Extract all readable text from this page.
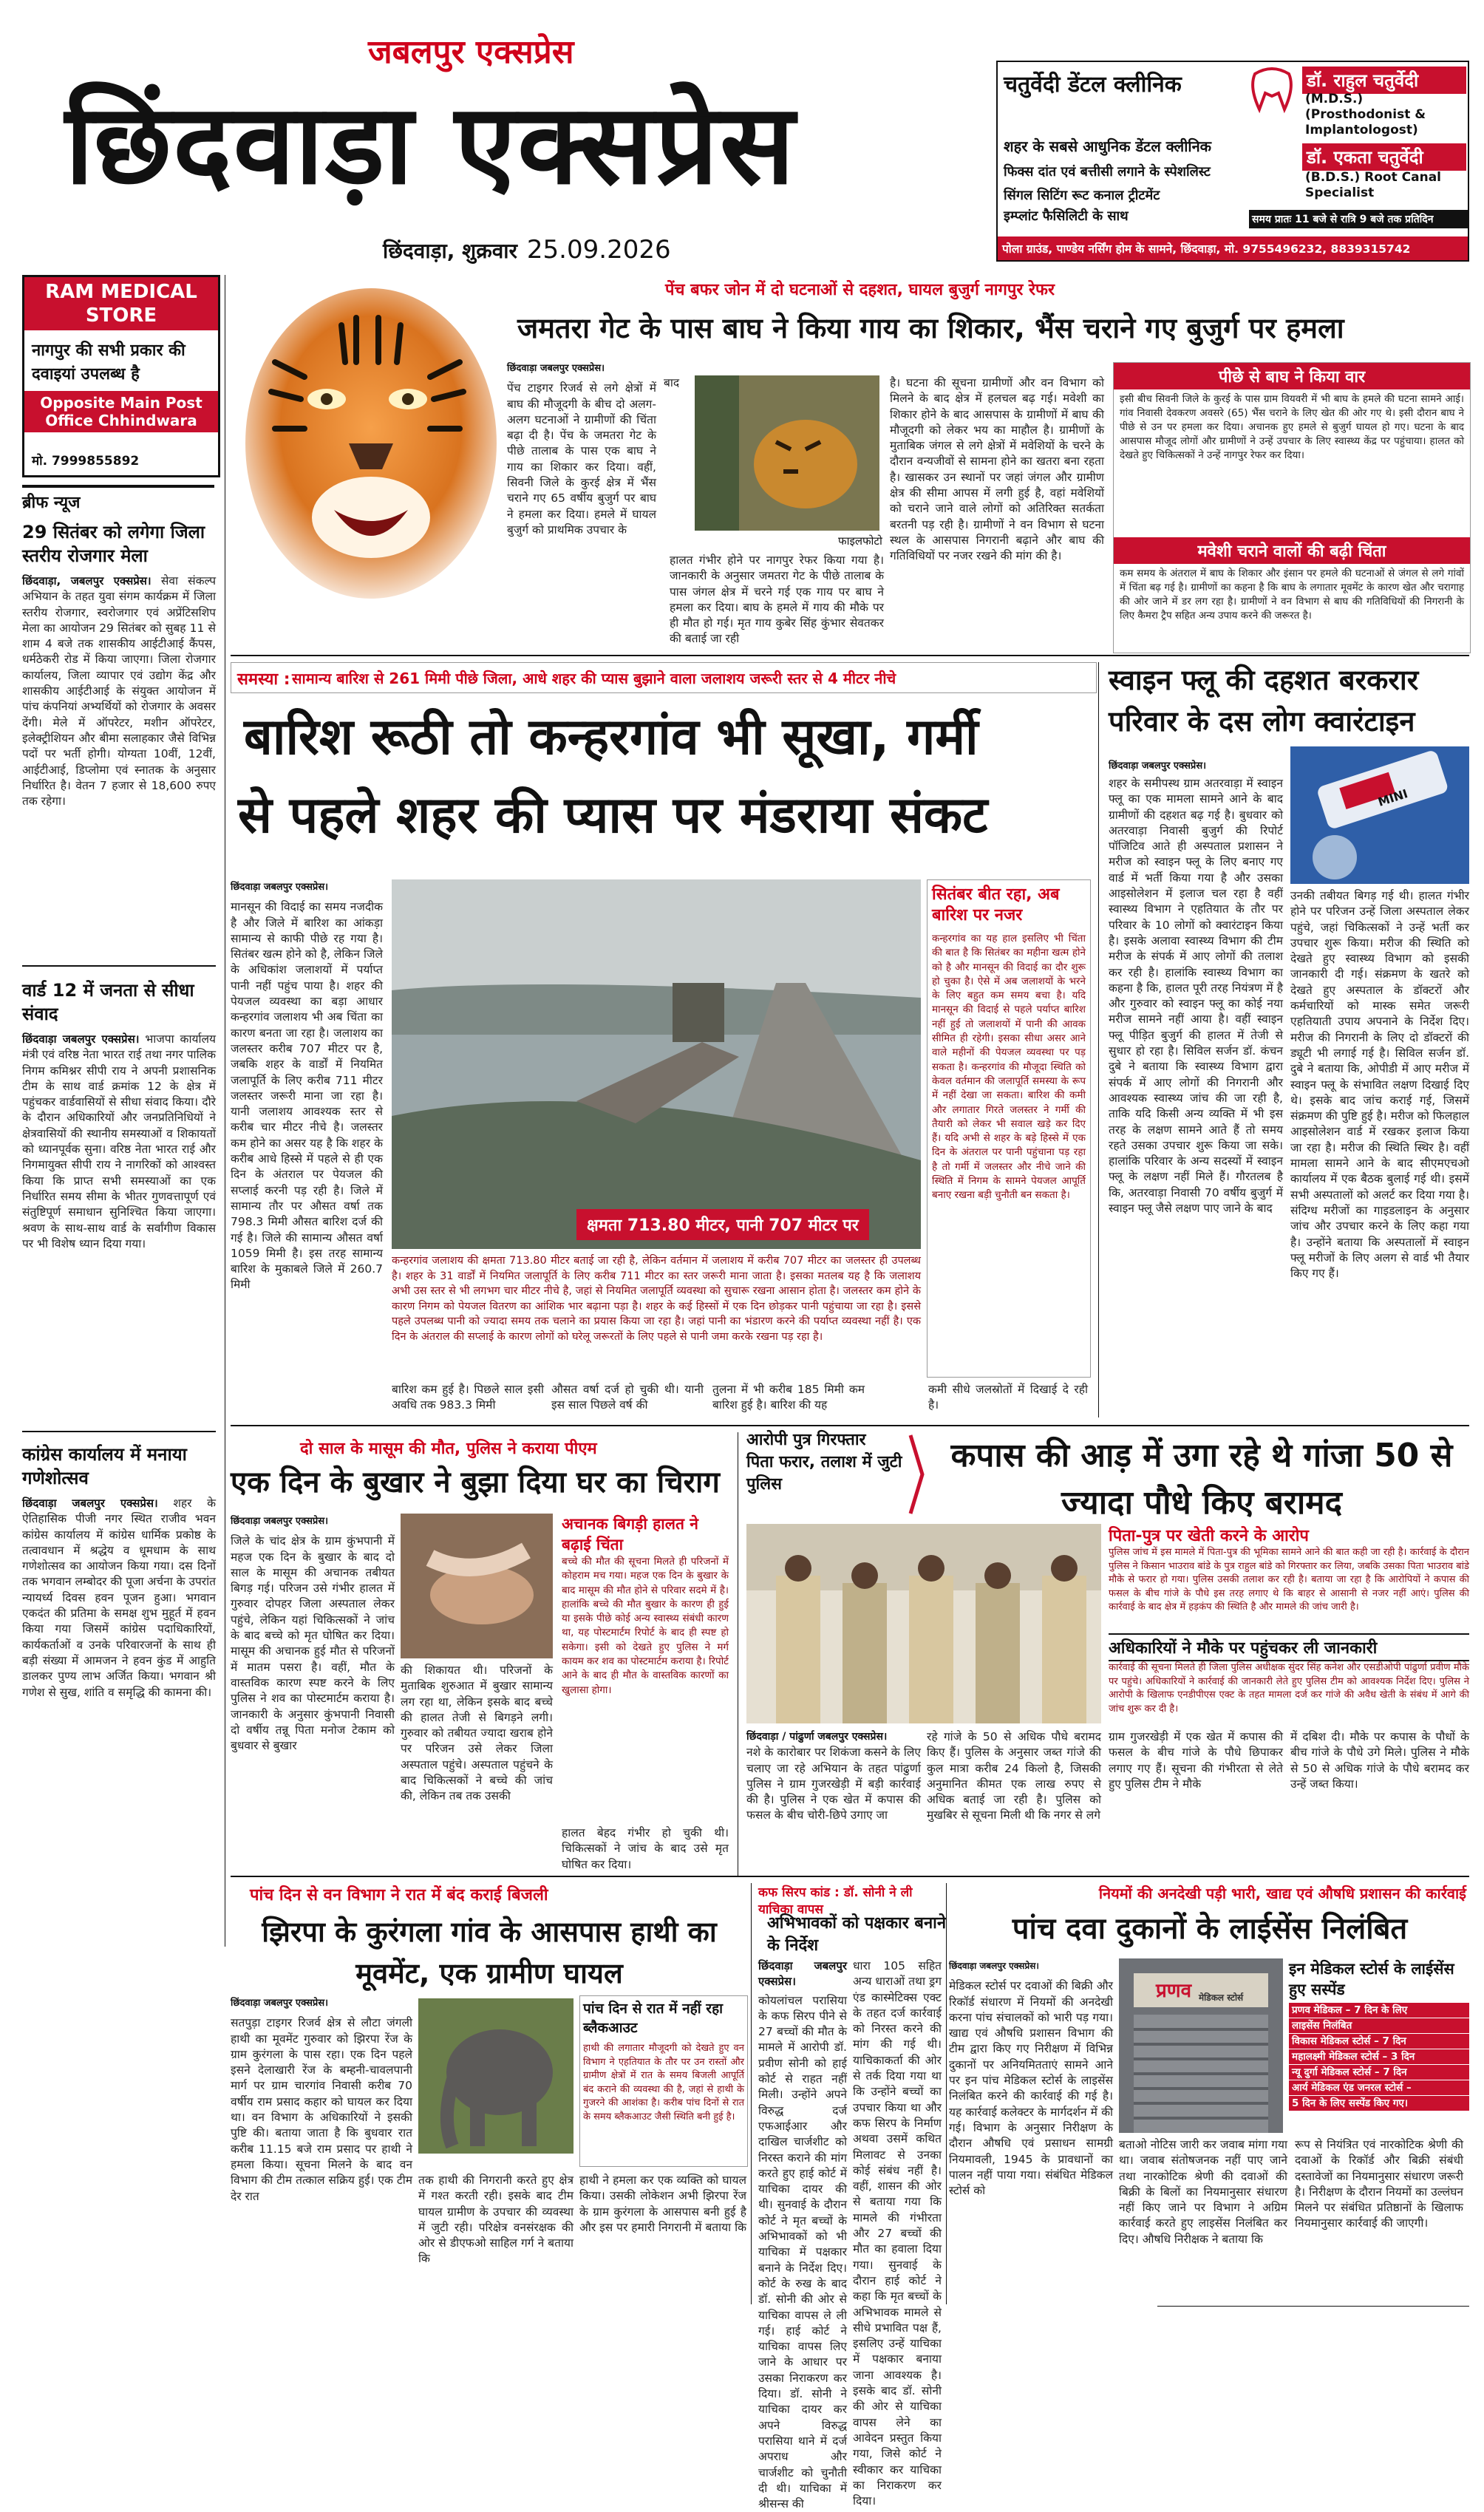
जबलपुर एक्सप्रेस
छिंदवाड़ा एक्सप्रेस
छिंदवाड़ा, शुक्रवार 25.09.2026
चतुर्वेदी डेंटल क्लीनिक	डॉ. राहुल चतुर्वेदी
(M.D.S.) (Prosthodonist & Implantologost)
डॉ. एकता चतुर्वेदी
(B.D.S.) Root Canal Specialist
शहर के सबसे आधुनिक डेंटल क्लीनिक
फिक्स दांत एवं बत्तीसी लगाने के स्पेशलिस्ट
सिंगल सिटिंग रूट कनाल ट्रीटमेंट
इम्प्लांट फैसिलिटी के साथ	समय प्रातः 11 बजे से रात्रि 9 बजे तक प्रतिदिन
पोला ग्राउंड, पाण्डेय नर्सिंग होम के सामने, छिंदवाड़ा, मो. 9755496232, 8839315742
RAM MEDICAL STORE
नागपुर की सभी प्रकार की दवाइयां उपलब्ध है
Opposite Main Post Office Chhindwara
मो. 7999855892
ब्रीफ न्यूज
29 सितंबर को लगेगा जिला स्तरीय रोजगार मेला
छिंदवाड़ा, जबलपुर एक्सप्रेस। सेवा संकल्प अभियान के तहत युवा संगम कार्यक्रम में जिला स्तरीय रोजगार, स्वरोजगार एवं अप्रेंटिसशिप मेला का आयोजन 29 सितंबर को सुबह 11 से शाम 4 बजे तक शासकीय आईटीआई कैंपस, धर्मठेकरी रोड में किया जाएगा। जिला रोजगार कार्यालय, जिला व्यापार एवं उद्योग केंद्र और शासकीय आईटीआई के संयुक्त आयोजन में पांच कंपनियां अभ्यर्थियों को रोजगार के अवसर देंगी। मेले में ऑपरेटर, मशीन ऑपरेटर, इलेक्ट्रीशियन और बीमा सलाहकार जैसे विभिन्न पदों पर भर्ती होगी। योग्यता 10वीं, 12वीं, आईटीआई, डिप्लोमा एवं स्नातक के अनुसार निर्धारित है। वेतन 7 हजार से 18,600 रुपए तक रहेगा।
वार्ड 12 में जनता से सीधा संवाद
छिंदवाड़ा जबलपुर एक्सप्रेस। भाजपा कार्यालय मंत्री एवं वरिष्ठ नेता भारत राई तथा नगर पालिक निगम कमिश्नर सीपी राय ने अपनी प्रशासनिक टीम के साथ वार्ड क्रमांक 12 के क्षेत्र में पहुंचकर वार्डवासियों से सीधा संवाद किया। दौरे के दौरान अधिकारियों और जनप्रतिनिधियों ने क्षेत्रवासियों की स्थानीय समस्याओं व शिकायतों को ध्यानपूर्वक सुना। वरिष्ठ नेता भारत राई और निगमायुक्त सीपी राय ने नागरिकों को आश्वस्त किया कि प्राप्त सभी समस्याओं का एक निर्धारित समय सीमा के भीतर गुणवत्तापूर्ण एवं संतुष्टिपूर्ण समाधान सुनिश्चित किया जाएगा। श्रवण के साथ-साथ वार्ड के सर्वांगीण विकास पर भी विशेष ध्यान दिया गया।
कांग्रेस कार्यालय में मनाया गणेशोत्सव
छिंदवाड़ा जबलपुर एक्सप्रेस। शहर के ऐतिहासिक पीजी नगर स्थित राजीव भवन कांग्रेस कार्यालय में कांग्रेस धार्मिक प्रकोष्ठ के तत्वावधान में श्रद्धेय व धूमधाम के साथ गणेशोत्सव का आयोजन किया गया। दस दिनों तक भगवान लम्बोदर की पूजा अर्चना के उपरांत न्यायर्ध्य दिवस हवन पूजन हुआ। भगवान एकदंत की प्रतिमा के समक्ष शुभ मुहूर्त में हवन किया गया जिसमें कांग्रेस पदाधिकारियों, कार्यकर्ताओं व उनके परिवारजनों के साथ ही बड़ी संख्या में आमजन ने हवन कुंड में आहुति डालकर पुण्य लाभ अर्जित किया। भगवान श्री गणेश से सुख, शांति व समृद्धि की कामना की।
पेंच बफर जोन में दो घटनाओं से दहशत, घायल बुजुर्ग नागपुर रेफर
जमतरा गेट के पास बाघ ने किया गाय का शिकार, भैंस चराने गए बुजुर्ग पर हमला
छिंदवाड़ा जबलपुर एक्सप्रेस।
पेंच टाइगर रिजर्व से लगे क्षेत्रों में बाघ की मौजूदगी के बीच दो अलग-अलग घटनाओं ने ग्रामीणों की चिंता बढ़ा दी है। पेंच के जमतरा गेट के पीछे तालाब के पास एक बाघ ने गाय का शिकार कर दिया। वहीं, सिवनी जिले के कुरई क्षेत्र में भैंस चराने गए 65 वर्षीय बुजुर्ग पर बाघ ने हमला कर दिया। हमले में घायल बुजुर्ग को प्राथमिक उपचार के
बाद
फाइलफोटो
हालत गंभीर होने पर नागपुर रेफर किया गया है। जानकारी के अनुसार जमतरा गेट के पीछे तालाब के पास जंगल क्षेत्र में चरने गई एक गाय पर बाघ ने हमला कर दिया। बाघ के हमले में गाय की मौके पर ही मौत हो गई। मृत गाय कुबेर सिंह कुंभार सेवतकर की बताई जा रही
है। घटना की सूचना ग्रामीणों और वन विभाग को मिलने के बाद क्षेत्र में हलचल बढ़ गई। मवेशी का शिकार होने के बाद आसपास के ग्रामीणों में बाघ की मौजूदगी को लेकर भय का माहौल है। ग्रामीणों के मुताबिक जंगल से लगे क्षेत्रों में मवेशियों के चरने के दौरान वन्यजीवों से सामना होने का खतरा बना रहता है। खासकर उन स्थानों पर जहां जंगल और ग्रामीण क्षेत्र की सीमा आपस में लगी हुई है, वहां मवेशियों को चराने जाने वाले लोगों को अतिरिक्त सतर्कता बरतनी पड़ रही है। ग्रामीणों ने वन विभाग से घटना स्थल के आसपास निगरानी बढ़ाने और बाघ की गतिविधियों पर नजर रखने की मांग की है।
पीछे से बाघ ने किया वार
इसी बीच सिवनी जिले के कुरई के पास ग्राम वियवरी में भी बाघ के हमले की घटना सामने आई। गांव निवासी देवकरण अवसरे (65) भैंस चराने के लिए खेत की ओर गए थे। इसी दौरान बाघ ने पीछे से उन पर हमला कर दिया। अचानक हुए हमले से बुजुर्ग घायल हो गए। घटना के बाद आसपास मौजूद लोगों और ग्रामीणों ने उन्हें उपचार के लिए स्वास्थ्य केंद्र पर पहुंचाया। हालत को देखते हुए चिकित्सकों ने उन्हें नागपुर रेफर कर दिया।
मवेशी चराने वालों की बढ़ी चिंता
कम समय के अंतराल में बाघ के शिकार और इंसान पर हमले की घटनाओं से जंगल से लगे गांवों में चिंता बढ़ गई है। ग्रामीणों का कहना है कि बाघ के लगातार मूवमेंट के कारण खेत और चरागाह की ओर जाने में डर लग रहा है। ग्रामीणों ने वन विभाग से बाघ की गतिविधियों की निगरानी के लिए कैमरा ट्रैप सहित अन्य उपाय करने की जरूरत है।
समस्या : सामान्य बारिश से 261 मिमी पीछे जिला, आधे शहर की प्यास बुझाने वाला जलाशय जरूरी स्तर से 4 मीटर नीचे
बारिश रूठी तो कन्हरगांव भी सूखा, गर्मी
से पहले शहर की प्यास पर मंडराया संकट
छिंदवाड़ा जबलपुर एक्सप्रेस।
मानसून की विदाई का समय नजदीक है और जिले में बारिश का आंकड़ा सामान्य से काफी पीछे रह गया है। सितंबर खत्म होने को है, लेकिन जिले के अधिकांश जलाशयों में पर्याप्त पानी नहीं पहुंच पाया है। शहर की पेयजल व्यवस्था का बड़ा आधार कन्हरगांव जलाशय भी अब चिंता का कारण बनता जा रहा है। जलाशय का जलस्तर करीब 707 मीटर पर है, जबकि शहर के वार्डों में नियमित जलापूर्ति के लिए करीब 711 मीटर जलस्तर जरूरी माना जा रहा है। यानी जलाशय आवश्यक स्तर से करीब चार मीटर नीचे है। जलस्तर कम होने का असर यह है कि शहर के करीब आधे हिस्से में पहले से ही एक दिन के अंतराल पर पेयजल की सप्लाई करनी पड़ रही है। जिले में सामान्य तौर पर औसत वर्षा तक 798.3 मिमी औसत बारिश दर्ज की गई है। जिले की सामान्य औसत वर्षा 1059 मिमी है। इस तरह सामान्य बारिश के मुकाबले जिले में 260.7 मिमी
क्षमता 713.80 मीटर, पानी 707 मीटर पर
कन्हरगांव जलाशय की क्षमता 713.80 मीटर बताई जा रही है, लेकिन वर्तमान में जलाशय में करीब 707 मीटर का जलस्तर ही उपलब्ध है। शहर के 31 वार्डों में नियमित जलापूर्ति के लिए करीब 711 मीटर का स्तर जरूरी माना जाता है। इसका मतलब यह है कि जलाशय अभी उस स्तर से भी लगभग चार मीटर नीचे है, जहां से नियमित जलापूर्ति व्यवस्था को सुचारू रखना आसान होता है। जलस्तर कम होने के कारण निगम को पेयजल वितरण का आंशिक भार बढ़ाना पड़ा है। शहर के कई हिस्सों में एक दिन छोड़कर पानी पहुंचाया जा रहा है। इससे पहले उपलब्ध पानी को ज्यादा समय तक चलाने का प्रयास किया जा रहा है। जहां पानी का भंडारण करने की पर्याप्त व्यवस्था नहीं है। एक दिन के अंतराल की सप्लाई के कारण लोगों को घरेलू जरूरतों के लिए पहले से पानी जमा करके रखना पड़ रहा है।
बारिश कम हुई है। पिछले साल इसी अवधि तक 983.3 मिमी
औसत वर्षा दर्ज हो चुकी थी। यानी इस साल पिछले वर्ष की
तुलना में भी करीब 185 मिमी कम बारिश हुई है। बारिश की यह
सितंबर बीत रहा, अब बारिश पर नजर
कन्हरगांव का यह हाल इसलिए भी चिंता की बात है कि सितंबर का महीना खत्म होने को है और मानसून की विदाई का दौर शुरू हो चुका है। ऐसे में अब जलाशयों के भरने के लिए बहुत कम समय बचा है। यदि मानसून की विदाई से पहले पर्याप्त बारिश नहीं हुई तो जलाशयों में पानी की आवक सीमित ही रहेगी। इसका सीधा असर आने वाले महीनों की पेयजल व्यवस्था पर पड़ सकता है। कन्हरगांव की मौजूदा स्थिति को केवल वर्तमान की जलापूर्ति समस्या के रूप में नहीं देखा जा सकता। बारिश की कमी और लगातार गिरते जलस्तर ने गर्मी की तैयारी को लेकर भी सवाल खड़े कर दिए हैं। यदि अभी से शहर के बड़े हिस्से में एक दिन के अंतराल पर पानी पहुंचाना पड़ रहा है तो गर्मी में जलस्तर और नीचे जाने की स्थिति में निगम के सामने पेयजल आपूर्ति बनाए रखना बड़ी चुनौती बन सकता है।
कमी सीधे जलस्रोतों में दिखाई दे रही है।
स्वाइन फ्लू की दहशत बरकरार परिवार के दस लोग क्वारंटाइन
छिंदवाड़ा जबलपुर एक्सप्रेस।
शहर के समीपस्थ ग्राम अतरवाड़ा में स्वाइन फ्लू का एक मामला सामने आने के बाद ग्रामीणों की दहशत बढ़ गई है। बुधवार को अतरवाड़ा निवासी बुजुर्ग की रिपोर्ट पॉजिटिव आते ही अस्पताल प्रशासन ने मरीज को स्वाइन फ्लू के लिए बनाए गए वार्ड में भर्ती किया गया है और उसका आइसोलेशन में इलाज चल रहा है वहीं स्वास्थ्य विभाग ने एहतियात के तौर पर परिवार के 10 लोगों को क्वारंटाइन किया है। इसके अलावा स्वास्थ्य विभाग की टीम मरीज के संपर्क में आए लोगों की तलाश कर रही है। हालांकि स्वास्थ्य विभाग का कहना है कि, हालत पूरी तरह नियंत्रण में है और गुरुवार को स्वाइन फ्लू का कोई नया मरीज सामने नहीं आया है। वहीं स्वाइन फ्लू पीड़ित बुजुर्ग की हालत में तेजी से सुधार हो रहा है। सिविल सर्जन डॉ. कंचन दुबे ने बताया कि स्वास्थ्य विभाग द्वारा संपर्क में आए लोगों की निगरानी और आवश्यक स्वास्थ्य जांच की जा रही है, ताकि यदि किसी अन्य व्यक्ति में भी इस तरह के लक्षण सामने आते हैं तो समय रहते उसका उपचार शुरू किया जा सके। हालांकि परिवार के अन्य सदस्यों में स्वाइन फ्लू के लक्षण नहीं मिले हैं। गौरतलब है कि, अतरवाड़ा निवासी 70 वर्षीय बुजुर्ग में स्वाइन फ्लू जैसे लक्षण पाए जाने के बाद
MINI
उनकी तबीयत बिगड़ गई थी। हालत गंभीर होने पर परिजन उन्हें जिला अस्पताल लेकर पहुंचे, जहां चिकित्सकों ने उन्हें भर्ती कर उपचार शुरू किया। मरीज की स्थिति को देखते हुए स्वास्थ्य विभाग को इसकी जानकारी दी गई। संक्रमण के खतरे को देखते हुए अस्पताल के डॉक्टरों और कर्मचारियों को मास्क समेत जरूरी एहतियाती उपाय अपनाने के निर्देश दिए। मरीज की निगरानी के लिए दो डॉक्टरों की ड्यूटी भी लगाई गई है। सिविल सर्जन डॉ. दुबे ने बताया कि, ओपीडी में आए मरीज में स्वाइन फ्लू के संभावित लक्षण दिखाई दिए थे। इसके बाद जांच कराई गई, जिसमें संक्रमण की पुष्टि हुई है। मरीज को फिलहाल आइसोलेशन वार्ड में रखकर इलाज किया जा रहा है। मरीज की स्थिति स्थिर है। वहीं मामला सामने आने के बाद सीएमएचओ कार्यालय में एक बैठक बुलाई गई थी। इसमें सभी अस्पतालों को अलर्ट कर दिया गया है। संदिग्ध मरीजों का गाइडलाइन के अनुसार जांच और उपचार करने के लिए कहा गया है। उन्होंने बताया कि अस्पतालों में स्वाइन फ्लू मरीजों के लिए अलग से वार्ड भी तैयार किए गए हैं।
दो साल के मासूम की मौत, पुलिस ने कराया पीएम
एक दिन के बुखार ने बुझा दिया घर का चिराग
छिंदवाड़ा जबलपुर एक्सप्रेस।
जिले के चांद क्षेत्र के ग्राम कुंभपानी में महज एक दिन के बुखार के बाद दो साल के मासूम की अचानक तबीयत बिगड़ गई। परिजन उसे गंभीर हालत में गुरुवार दोपहर जिला अस्पताल लेकर पहुंचे, लेकिन यहां चिकित्सकों ने जांच के बाद बच्चे को मृत घोषित कर दिया। मासूम की अचानक हुई मौत से परिजनों में मातम पसरा है। वहीं, मौत के वास्तविक कारण स्पष्ट करने के लिए पुलिस ने शव का पोस्टमार्टम कराया है। जानकारी के अनुसार कुंभपानी निवासी दो वर्षीय तन्नू पिता मनोज टेकाम को बुधवार से बुखार
की शिकायत थी। परिजनों के मुताबिक शुरुआत में बुखार सामान्य लग रहा था, लेकिन इसके बाद बच्चे की हालत तेजी से बिगड़ने लगी। गुरुवार को तबीयत ज्यादा खराब होने पर परिजन उसे लेकर जिला अस्पताल पहुंचे। अस्पताल पहुंचने के बाद चिकित्सकों ने बच्चे की जांच की, लेकिन तब तक उसकी
अचानक बिगड़ी हालत ने बढ़ाई चिंता
बच्चे की मौत की सूचना मिलते ही परिजनों में कोहराम मच गया। महज एक दिन के बुखार के बाद मासूम की मौत होने से परिवार सदमे में है। हालांकि बच्चे की मौत बुखार के कारण ही हुई या इसके पीछे कोई अन्य स्वास्थ्य संबंधी कारण था, यह पोस्टमार्टम रिपोर्ट के बाद ही स्पष्ट हो सकेगा। इसी को देखते हुए पुलिस ने मर्ग कायम कर शव का पोस्टमार्टम कराया है। रिपोर्ट आने के बाद ही मौत के वास्तविक कारणों का खुलासा होगा।
हालत बेहद गंभीर हो चुकी थी। चिकित्सकों ने जांच के बाद उसे मृत घोषित कर दिया।
आरोपी पुत्र गिरफ्तार
पिता फरार, तलाश में जुटी पुलिस
कपास की आड़ में उगा रहे थे गांजा 50 से ज्यादा पौधे किए बरामद
छिंदवाड़ा / पांढुर्णा जबलपुर एक्सप्रेस।
नशे के कारोबार पर शिकंजा कसने के लिए चलाए जा रहे अभियान के तहत पांढुर्णा पुलिस ने ग्राम गुजरखेड़ी में बड़ी कार्रवाई की है। पुलिस ने एक खेत में कपास की फसल के बीच चोरी-छिपे उगाए जा
रहे गांजे के 50 से अधिक पौधे बरामद किए हैं। पुलिस के अनुसार जब्त गांजे की कुल मात्रा करीब 24 किलो है, जिसकी अनुमानित कीमत एक लाख रुपए से अधिक बताई जा रही है। पुलिस को मुखबिर से सूचना मिली थी कि नगर से लगे
पिता-पुत्र पर खेती करने के आरोप
पुलिस जांच में इस मामले में पिता-पुत्र की भूमिका सामने आने की बात कही जा रही है। कार्रवाई के दौरान पुलिस ने किसान भाउराव बांडे के पुत्र राहुल बांडे को गिरफ्तार कर लिया, जबकि उसका पिता भाउराव बांडे मौके से फरार हो गया। पुलिस उसकी तलाश कर रही है। बताया जा रहा है कि आरोपियों ने कपास की फसल के बीच गांजे के पौधे इस तरह लगाए थे कि बाहर से आसानी से नजर नहीं आएं। पुलिस की कार्रवाई के बाद क्षेत्र में हड़कंप की स्थिति है और मामले की जांच जारी है।
अधिकारियों ने मौके पर पहुंचकर ली जानकारी
कार्रवाई की सूचना मिलते ही जिला पुलिस अधीक्षक सुंदर सिंह कनेश और एसडीओपी पांढुर्णा प्रवीण मौके पर पहुंचे। अधिकारियों ने कार्रवाई की जानकारी लेते हुए पुलिस टीम को आवश्यक निर्देश दिए। पुलिस ने आरोपी के खिलाफ एनडीपीएस एक्ट के तहत मामला दर्ज कर गांजे की अवैध खेती के संबंध में आगे की जांच शुरू कर दी है।
ग्राम गुजरखेड़ी में एक खेत में कपास की फसल के बीच गांजे के पौधे छिपाकर लगाए गए हैं। सूचना की गंभीरता से लेते हुए पुलिस टीम ने मौके
में दबिश दी। मौके पर कपास के पौधों के बीच गांजे के पौधे उगे मिले। पुलिस ने मौके से 50 से अधिक गांजे के पौधे बरामद कर उन्हें जब्त किया।
पांच दिन से वन विभाग ने रात में बंद कराई बिजली
झिरपा के कुरंगला गांव के आसपास हाथी का मूवमेंट, एक ग्रामीण घायल
छिंदवाड़ा जबलपुर एक्सप्रेस।
सतपुड़ा टाइगर रिजर्व क्षेत्र से लौटा जंगली हाथी का मूवमेंट गुरुवार को झिरपा रेंज के ग्राम कुरंगला के पास रहा। एक दिन पहले इसने देलाखारी रेंज के बम्हनी-चावलपानी मार्ग पर ग्राम चारगांव निवासी करीब 70 वर्षीय राम प्रसाद कहार को घायल कर दिया था। वन विभाग के अधिकारियों ने इसकी पुष्टि की। बताया जाता है कि बुधवार रात करीब 11.15 बजे राम प्रसाद पर हाथी ने हमला किया। सूचना मिलने के बाद वन विभाग की टीम तत्काल सक्रिय हुई। एक टीम देर रात
पांच दिन से रात में नहीं रहा ब्लैकआउट
हाथी की लगातार मौजूदगी को देखते हुए वन विभाग ने एहतियात के तौर पर उन रास्तों और ग्रामीण क्षेत्रों में रात के समय बिजली आपूर्ति बंद कराने की व्यवस्था की है, जहां से हाथी के गुजरने की आशंका है। करीब पांच दिनों से रात के समय ब्लैकआउट जैसी स्थिति बनी हुई है।
तक हाथी की निगरानी करते हुए क्षेत्र में गश्त करती रही। इसके बाद टीम घायल ग्रामीण के उपचार की व्यवस्था में जुटी रही। परिक्षेत्र वनसंरक्षक की ओर से डीएफओ साहिल गर्ग ने बताया कि
हाथी ने हमला कर एक व्यक्ति को घायल किया। उसकी लोकेशन अभी झिरपा रेंज के ग्राम कुरंगला के आसपास बनी हुई है और इस पर हमारी निगरानी में बताया कि
कफ सिरप कांड : डॉ. सोनी ने ली याचिका वापस
अभिभावकों को पक्षकार बनाने के निर्देश
छिंदवाड़ा जबलपुर एक्सप्रेस।
कोयलांचल परासिया के कफ सिरप पीने से 27 बच्चों की मौत के मामले में आरोपी डॉ. प्रवीण सोनी को हाई कोर्ट से राहत नहीं मिली। उन्होंने अपने विरुद्ध दर्ज एफआईआर और दाखिल चार्जशीट को निरस्त कराने की मांग करते हुए हाई कोर्ट में याचिका दायर की थी। सुनवाई के दौरान कोर्ट ने मृत बच्चों के अभिभावकों को भी याचिका में पक्षकार बनाने के निर्देश दिए। कोर्ट के रुख के बाद डॉ. सोनी की ओर से याचिका वापस ले ली गई। हाई कोर्ट ने याचिका वापस लिए जाने के आधार पर उसका निराकरण कर दिया। डॉ. सोनी ने याचिका दायर कर अपने विरुद्ध परासिया थाने में दर्ज अपराध और चार्जशीट को चुनौती दी थी। याचिका में श्रीसन्स की
धारा 105 सहित अन्य धाराओं तथा ड्रग एंड कास्मेटिक्स एक्ट के तहत दर्ज कार्रवाई को निरस्त करने की मांग की गई थी। याचिकाकर्ता की ओर से तर्क दिया गया था कि उन्होंने बच्चों का उपचार किया था और कफ सिरप के निर्माण अथवा उसमें कथित मिलावट से उनका कोई संबंध नहीं है। वहीं, शासन की ओर से बताया गया कि मामले की गंभीरता और 27 बच्चों की मौत का हवाला दिया गया। सुनवाई के दौरान हाई कोर्ट ने कहा कि मृत बच्चों के अभिभावक मामले से सीधे प्रभावित पक्ष हैं, इसलिए उन्हें याचिका में पक्षकार बनाया जाना आवश्यक है। इसके बाद डॉ. सोनी की ओर से याचिका वापस लेने का आवेदन प्रस्तुत किया गया, जिसे कोर्ट ने स्वीकार कर याचिका का निराकरण कर दिया।
नियमों की अनदेखी पड़ी भारी, खाद्य एवं औषधि प्रशासन की कार्रवाई
पांच दवा दुकानों के लाईसेंस निलंबित
छिंदवाड़ा जबलपुर एक्सप्रेस।
मेडिकल स्टोर्स पर दवाओं की बिक्री और रिकॉर्ड संधारण में नियमों की अनदेखी करना पांच संचालकों को भारी पड़ गया। खाद्य एवं औषधि प्रशासन विभाग की टीम द्वारा किए गए निरीक्षण में विभिन्न दुकानों पर अनियमितताएं सामने आने पर इन पांच मेडिकल स्टोर्स के लाइसेंस निलंबित करने की कार्रवाई की गई है। यह कार्रवाई कलेक्टर के मार्गदर्शन में की गई। विभाग के अनुसार निरीक्षण के दौरान औषधि एवं प्रसाधन सामग्री नियमावली, 1945 के प्रावधानों का पालन नहीं पाया गया। संबंधित मेडिकल स्टोर्स को
इन मेडिकल स्टोर्स के लाईसेंस हुए सस्पेंड
प्रणव मेडिकल – 7 दिन के लिए
लाइसेंस निलंबित
विकास मेडिकल स्टोर्स – 7 दिन
महालक्ष्मी मेडिकल स्टोर्स – 3 दिन
न्यू दुर्गा मेडिकल स्टोर्स – 7 दिन
आर्य मेडिकल एंड जनरल स्टोर्स –
5 दिन के लिए सस्पेंड किए गए।
प्रणव मेडिकल स्टोर्स
बताओ नोटिस जारी कर जवाब मांगा गया था। जवाब संतोषजनक नहीं पाए जाने तथा नारकोटिक श्रेणी की दवाओं की बिक्री के बिलों का नियमानुसार संधारण नहीं किए जाने पर विभाग ने अग्रिम कार्रवाई करते हुए लाइसेंस निलंबित कर दिए। औषधि निरीक्षक ने बताया कि
रूप से नियंत्रित एवं नारकोटिक श्रेणी की दवाओं के रिकॉर्ड और बिक्री संबंधी दस्तावेजों का नियमानुसार संधारण जरूरी है। निरीक्षण के दौरान नियमों का उल्लंघन मिलने पर संबंधित प्रतिष्ठानों के खिलाफ नियमानुसार कार्रवाई की जाएगी।
